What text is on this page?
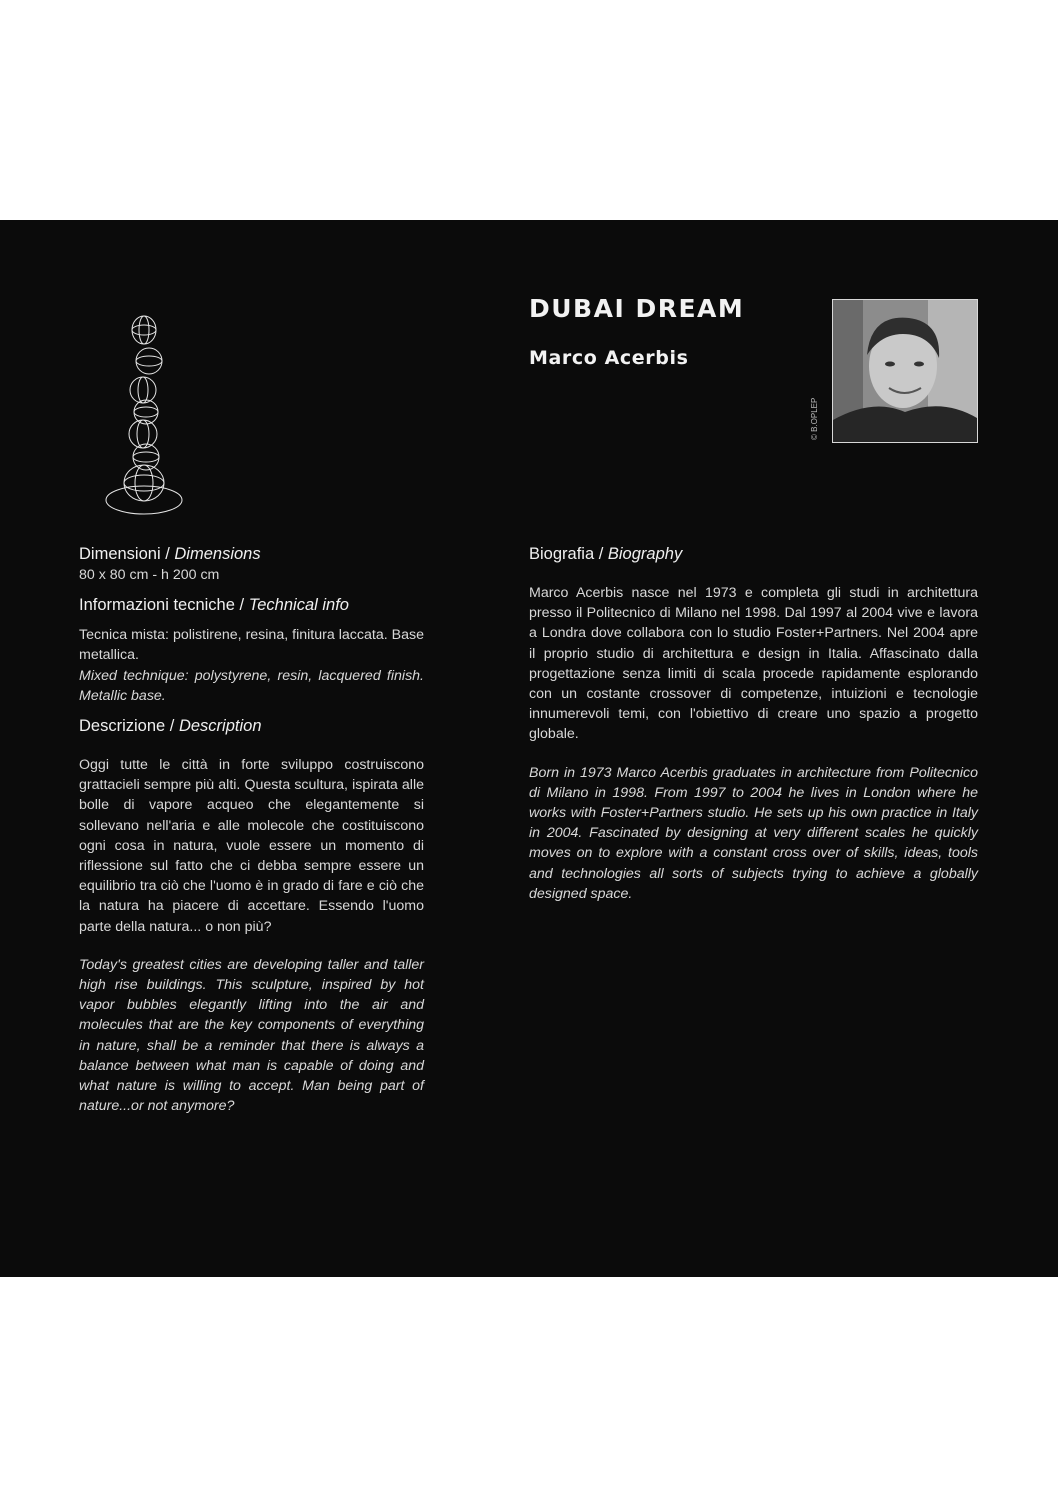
DUBAI DREAM
Marco Acerbis
© B.OPLEP

Dimensioni / Dimensions

80 x 80 cm - h 200 cm

Informazioni tecniche / Technical info

Tecnica mista: polistirene, resina, finitura laccata. Base metallica.

Mixed technique: polystyrene, resin, lacquered finish. Metallic base.

Descrizione / Description

Oggi tutte le città in forte sviluppo costruiscono grattacieli sempre più alti. Questa scultura, ispirata alle bolle di vapore acqueo che elegantemente si sollevano nell'aria e alle molecole che costituiscono ogni cosa in natura, vuole essere un momento di riflessione sul fatto che ci debba sempre essere un equilibrio tra ciò che l'uomo è in grado di fare e ciò che la natura ha piacere di accettare. Essendo l'uomo parte della natura... o non più?

Today's greatest cities are developing taller and taller high rise buildings. This sculpture, inspired by hot vapor bubbles elegantly lifting into the air and molecules that are the key components of everything in nature, shall be a reminder that there is always a balance between what man is capable of doing and what nature is willing to accept. Man being part of nature...or not anymore?

Biografia / Biography

Marco Acerbis nasce nel 1973 e completa gli studi in architettura presso il Politecnico di Milano nel 1998. Dal 1997 al 2004 vive e lavora a Londra dove collabora con lo studio Foster+Partners. Nel 2004 apre il proprio studio di architettura e design in Italia. Affascinato dalla progettazione senza limiti di scala procede rapidamente esplorando con un costante crossover di competenze, intuizioni e tecnologie innumerevoli temi, con l'obiettivo di creare uno spazio a progetto globale.

Born in 1973 Marco Acerbis graduates in architecture from Politecnico di Milano in 1998. From 1997 to 2004 he lives in London where he works with Foster+Partners studio. He sets up his own practice in Italy in 2004. Fascinated by designing at very different scales he quickly moves on to explore with a constant cross over of skills, ideas, tools and technologies all sorts of subjects trying to achieve a globally designed space.
